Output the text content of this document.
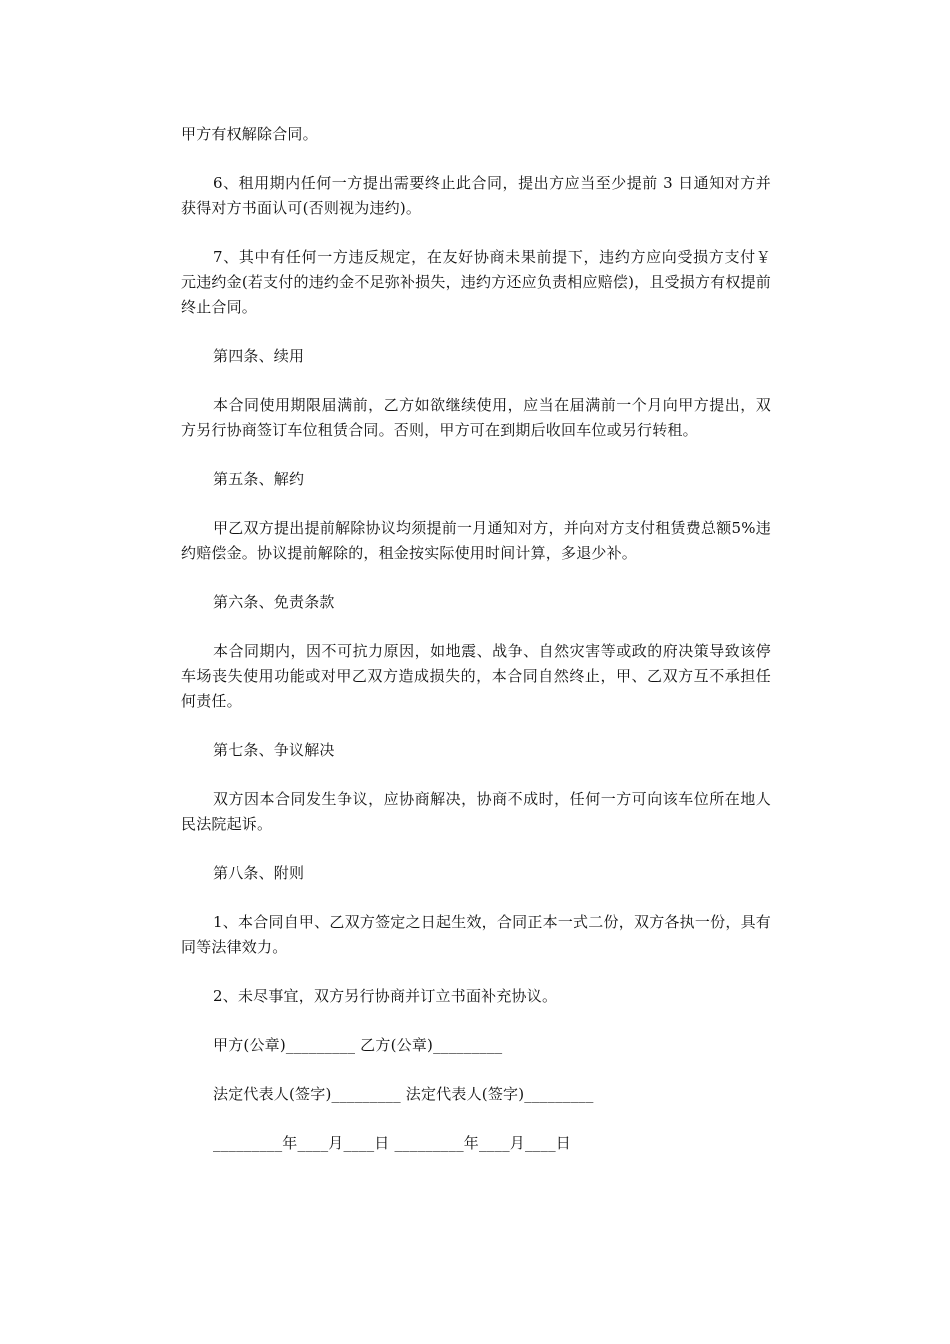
甲方有权解除合同。

6、租用期内任何一方提出需要终止此合同，提出方应当至少提前 3 日通知对方并获得对方书面认可(否则视为违约)。

7、其中有任何一方违反规定，在友好协商未果前提下，违约方应向受损方支付￥ 元违约金(若支付的违约金不足弥补损失，违约方还应负责相应赔偿)，且受损方有权提前终止合同。

第四条、续用

本合同使用期限届满前，乙方如欲继续使用，应当在届满前一个月向甲方提出，双方另行协商签订车位租赁合同。否则，甲方可在到期后收回车位或另行转租。

第五条、解约

甲乙双方提出提前解除协议均须提前一月通知对方，并向对方支付租赁费总额5%违约赔偿金。协议提前解除的，租金按实际使用时间计算，多退少补。

第六条、免责条款

本合同期内，因不可抗力原因，如地震、战争、自然灾害等或政的府决策导致该停车场丧失使用功能或对甲乙双方造成损失的，本合同自然终止，甲、乙双方互不承担任何责任。

第七条、争议解决

双方因本合同发生争议，应协商解决，协商不成时，任何一方可向该车位所在地人民法院起诉。

第八条、附则

1、本合同自甲、乙双方签定之日起生效，合同正本一式二份，双方各执一份，具有同等法律效力。

2、未尽事宜，双方另行协商并订立书面补充协议。

甲方(公章)_________ 乙方(公章)_________

法定代表人(签字)_________ 法定代表人(签字)_________

_________年____月____日 _________年____月____日
